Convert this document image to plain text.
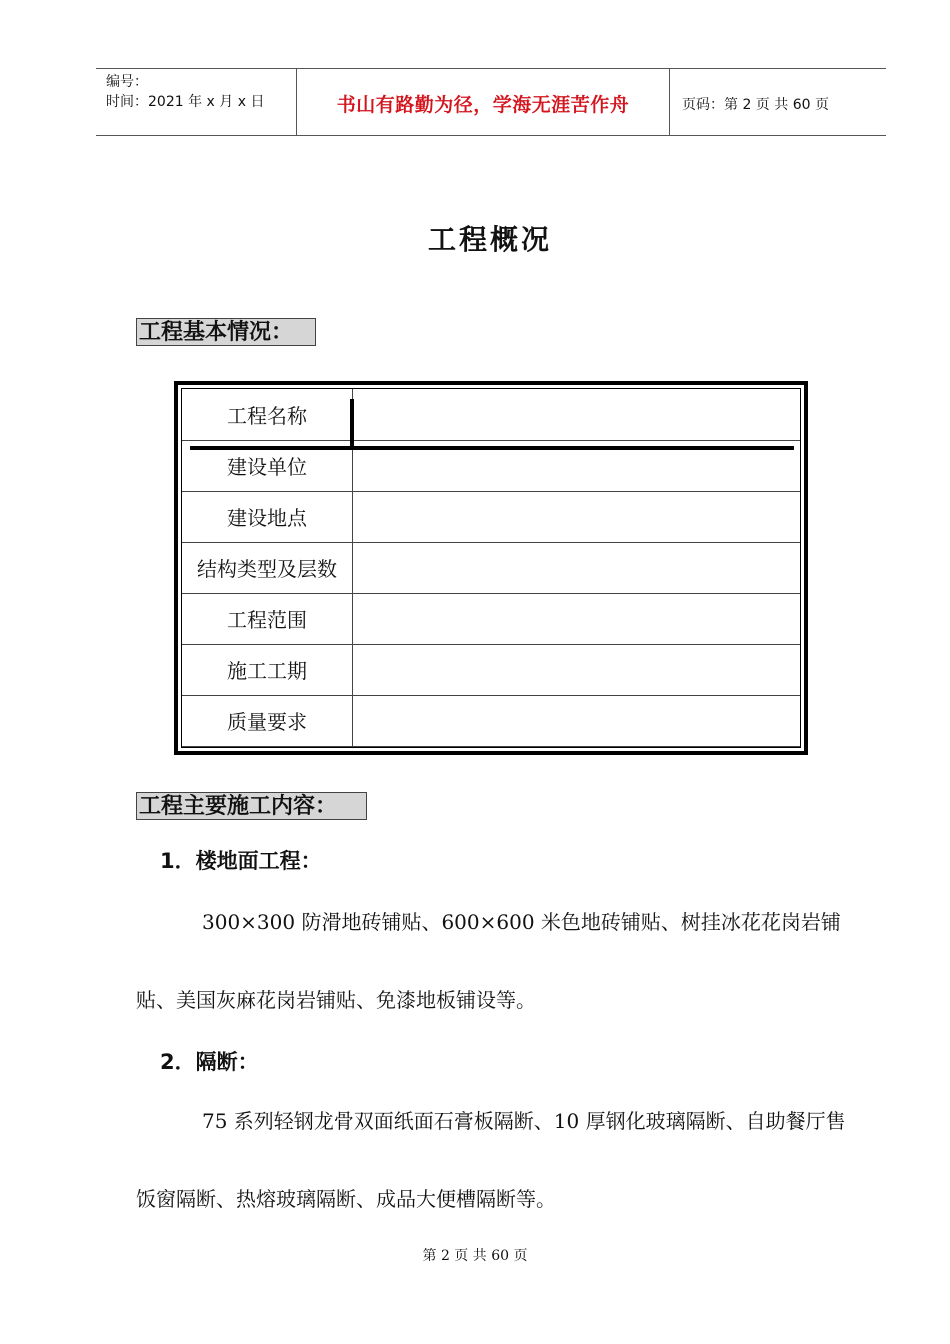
编号：
时间：2021 年 x 月 x 日	书山有路勤为径，学海无涯苦作舟	页码：第 2 页 共 60 页
工程概况
工程基本情况：
工程名称
建设单位
建设地点
结构类型及层数
工程范围
施工工期
质量要求
工程主要施工内容：
1．楼地面工程：
300×300 防滑地砖铺贴、600×600 米色地砖铺贴、树挂冰花花岗岩铺贴、美国灰麻花岗岩铺贴、免漆地板铺设等。
2．隔断：
75 系列轻钢龙骨双面纸面石膏板隔断、10 厚钢化玻璃隔断、自助餐厅售饭窗隔断、热熔玻璃隔断、成品大便槽隔断等。
第 2 页 共 60 页
